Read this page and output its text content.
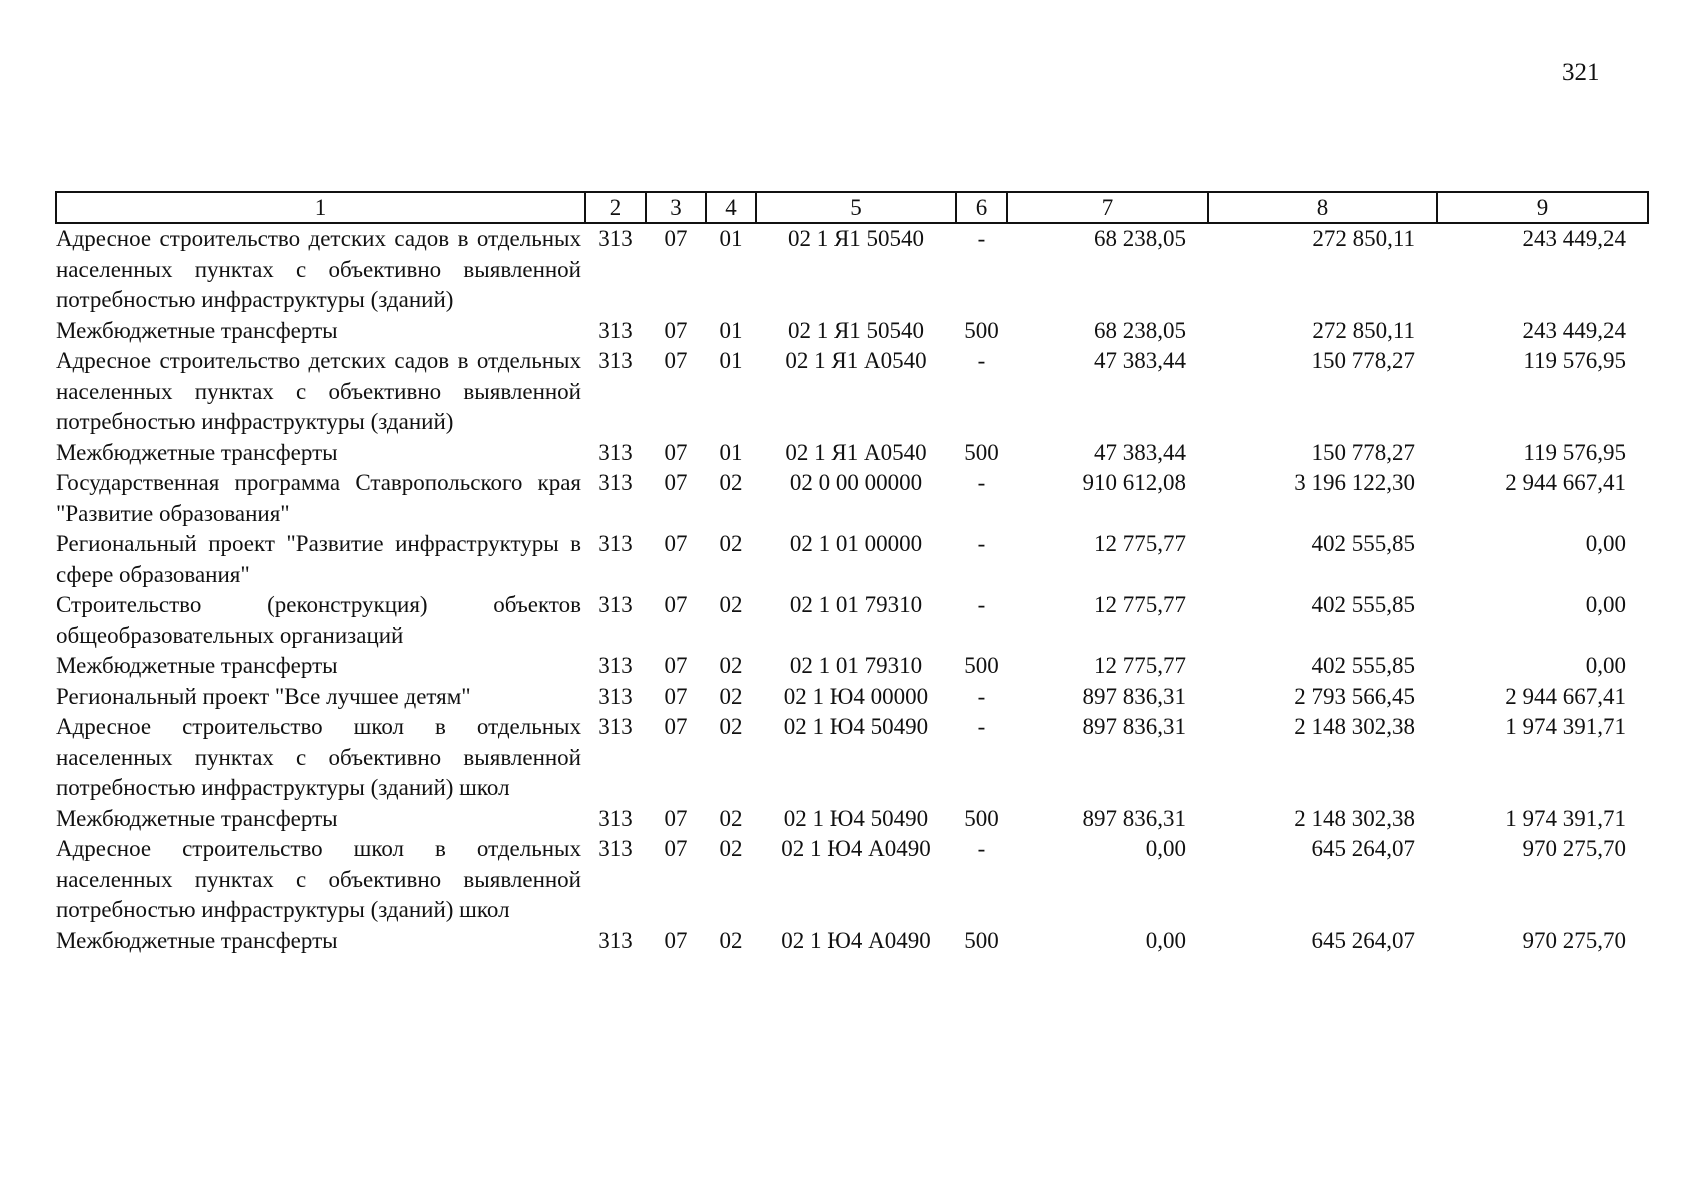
321
1	2	3	4	5	6	7	8	9
Адресное строительство детских садов в отдельных населенных пунктах с объективно выявленной потребностью инфраструктуры (зданий)	313	07	01	02 1 Я1 50540	-	68 238,05	272 850,11	243 449,24
Межбюджетные трансферты	313	07	01	02 1 Я1 50540	500	68 238,05	272 850,11	243 449,24
Адресное строительство детских садов в отдельных населенных пунктах с объективно выявленной потребностью инфраструктуры (зданий)	313	07	01	02 1 Я1 А0540	-	47 383,44	150 778,27	119 576,95
Межбюджетные трансферты	313	07	01	02 1 Я1 А0540	500	47 383,44	150 778,27	119 576,95
Государственная программа Ставропольского края "Развитие образования"	313	07	02	02 0 00 00000	-	910 612,08	3 196 122,30	2 944 667,41
Региональный проект "Развитие инфраструктуры в сфере образования"	313	07	02	02 1 01 00000	-	12 775,77	402 555,85	0,00
Строительство (реконструкция) объектов общеобразовательных организаций	313	07	02	02 1 01 79310	-	12 775,77	402 555,85	0,00
Межбюджетные трансферты	313	07	02	02 1 01 79310	500	12 775,77	402 555,85	0,00
Региональный проект "Все лучшее детям"	313	07	02	02 1 Ю4 00000	-	897 836,31	2 793 566,45	2 944 667,41
Адресное строительство школ в отдельных населенных пунктах с объективно выявленной потребностью инфраструктуры (зданий) школ	313	07	02	02 1 Ю4 50490	-	897 836,31	2 148 302,38	1 974 391,71
Межбюджетные трансферты	313	07	02	02 1 Ю4 50490	500	897 836,31	2 148 302,38	1 974 391,71
Адресное строительство школ в отдельных населенных пунктах с объективно выявленной потребностью инфраструктуры (зданий) школ	313	07	02	02 1 Ю4 А0490	-	0,00	645 264,07	970 275,70
Межбюджетные трансферты	313	07	02	02 1 Ю4 А0490	500	0,00	645 264,07	970 275,70
